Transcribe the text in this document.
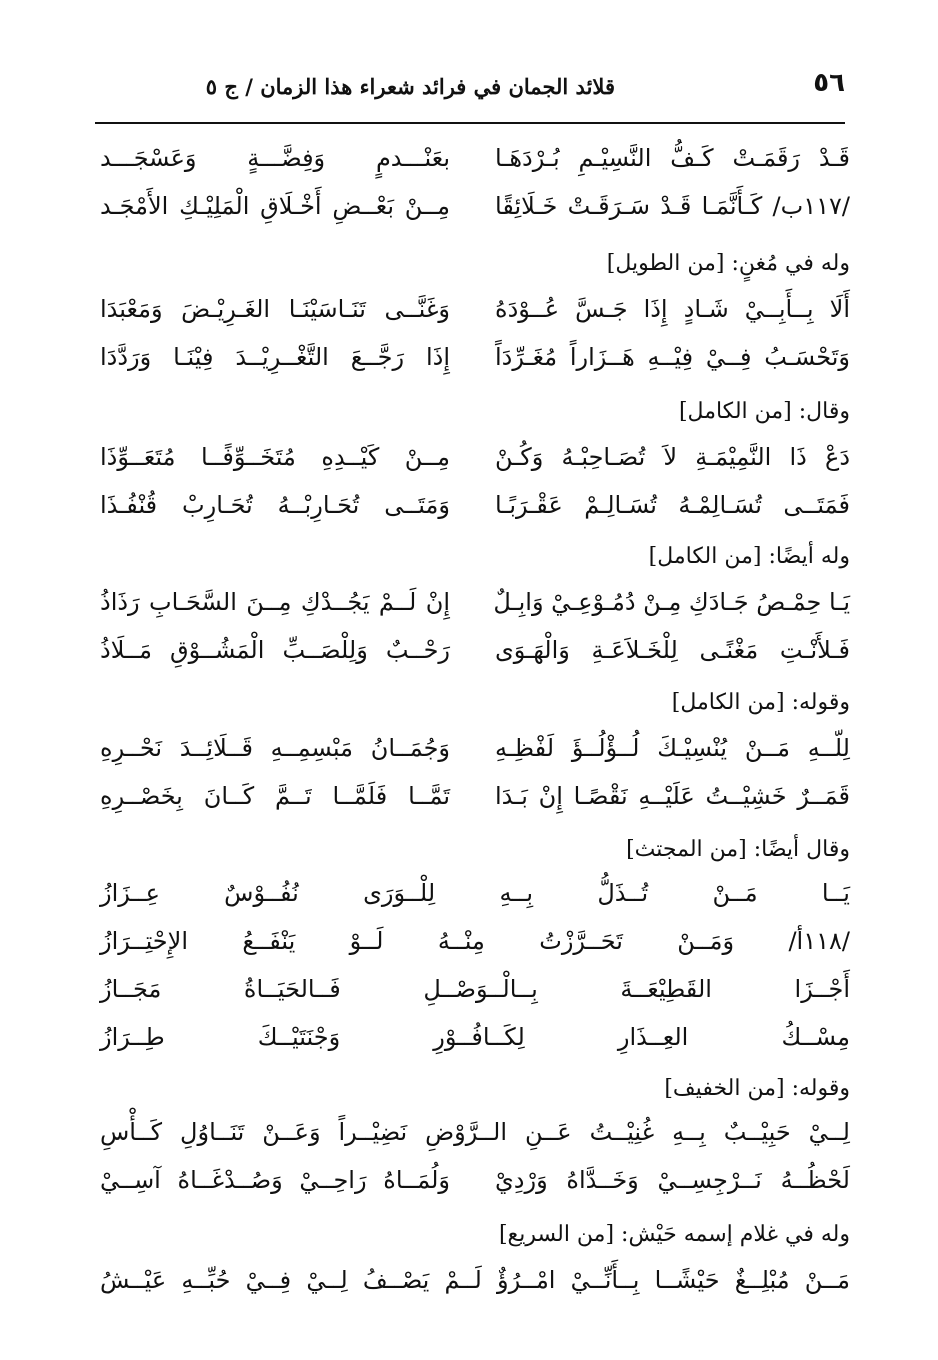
٥٦
قلائد الجمان في فرائد شعراء هذا الزمان / ج ٥
قَـدْ رَقَمَـتْ كَـفُّ النَّسِيْـمِ بُـرْدَهَـا
بعَنْـــدمٍ وَفِضَّـــةٍ وَعَسْجَـــد
/١١٧ب/ كَـأَنَّمَـا قَـدْ سَـرَقَـتْ خَـلَائِقًا
مِــنْ بَعْــضِ أَخْـلَاقِ الْمَلِيْـكِ الأَمْجَـد
وله في مُغنٍ: [من الطويل]
أَلَا بِــأَبِــيْ شَـادٍ إِذَا جَـسَّ عُــوْدَهُ
وَغَنَّــى تَنَـاسَيْنَـا الغَـرِيْـضَ وَمَعْبَدَا
وَتَحْسَـبُ فِــيْ فِيْــهِ هَــزَاراً مُغَـرِّدَاً
إِذَا رَجَّــعَ التَّغْــرِيْــدَ فِيْنَـا وَرَدَّدَا
وقال: [من الكامل]
دَعْ ذَا النَّمِيْمَـةِ لاَ تُصَـاحِبْـهُ وَكُـنْ
مِــنْ كَيْــدِهِ مُتَخَــوِّفًــا مُتَعَــوِّذَا
فَمَتَــى تُسَـالِمْـهُ تُسَـالِـمْ عَقْـرَبًـا
وَمَتَــى تُحَـارِبْــهُ تُحَـارِبْ قُنْفُـذَا
وله أيضًا: [من الكامل]
يَـا حِمْـصُ جَـادَكِ مِـنْ دُمُـوْعِـيْ وَابِـلٌ
إِنْ لَــمْ يَجُــدْكِ مِــنَ السَّحَـابِ رَذَاذُ
فَـلأَنْـتِ مَغْنًـى لِلْخَـلاَعَـةِ وَالْهَـوَى
رَحْــبٌ وَلِلْصَــبِّ الْمَشُــوْقِ مَــلَاذُ
وقوله: [من الكامل]
لِلّــهِ مَــنْ يُنْسِيْـكَ لُــؤْلُــؤَ لَفْظِـهِ
وَجُمَــانُ مَبْسِمِــهِ قَــلَائِــدَ نَحْــرِهِ
قَمَــرٌ خَشِيْــتُ عَلَيْــهِ نَقْصًـا إِنْ بَـدَا
تَمَّــا فَلَمَّــا تَــمَّ كَــانَ بِخَصْــرِهِ
وقال أيضًا: [من المجتث]
يَــا مَــنْ تُــذَلُّ بِــهِ لِلْــوَرَى نُفُــوْسٌ عِــزَازُ
/١١٨أ/ وَمَــنْ تَحَــرَّزْتُ مِنْــهُ لَــوْ يَنْفَــعُ الإِحْتِــرَازُ
أَجْــزَا القَطِيْعَــةَ بِــالْــوَصْــلِ فَــالحَيَــاةُ مَجَــازُ
مِسْــكُ العِــذَارِ لِكَــافُــوْرِ وَجْنَتَيْــكَ طِــرَازُ
وقوله: [من الخفيف]
لِــيْ حَبِيْــبٌ بِــهِ غُنِيْــتُ عَــنِ الــرَّوْضِ نَضِيْــراً وَعَــنْ تَنَــاوُلِ كَــأْسِ
لَحْظُــهُ نَــرْجِسِــيْ وَخَــدَّاهُ وَرْدِيْ
وَلُمَــاهُ رَاحِــيْ وَصُــدْغَــاهُ آسِــيْ
وله في غلام إسمه حَيْش: [من السريع]
مَــنْ مُبْلِــغٌ حَيْشًــا بِــأَنِّــيْ امْــرُؤٌ لَــمْ يَصْــفُ لِــيْ فِــيْ حُبِّــهِ عَيْــشُ
